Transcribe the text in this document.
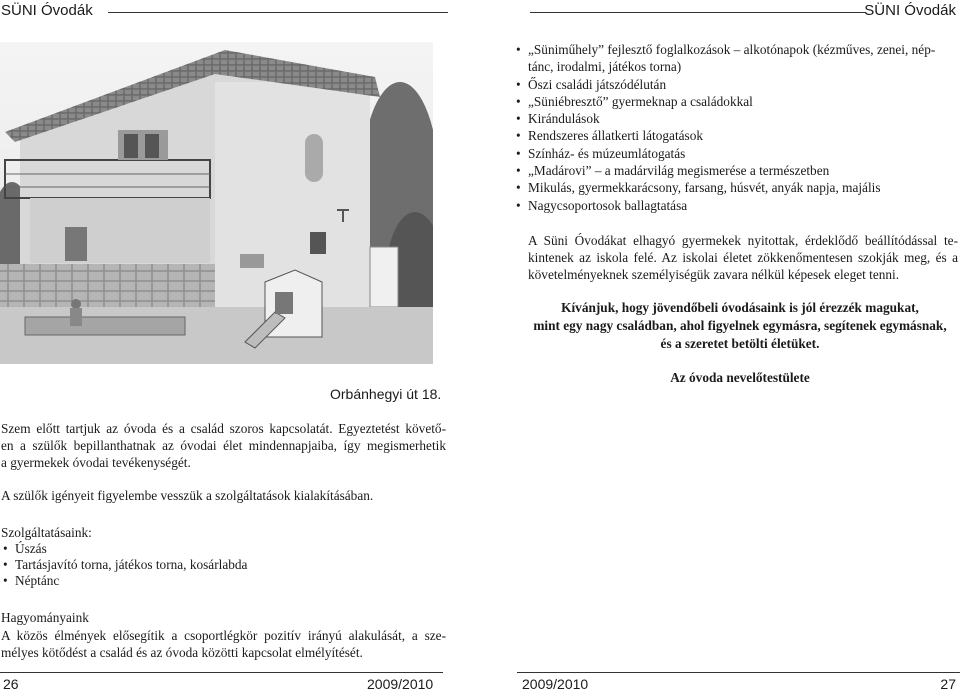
SÜNI Óvodák	SÜNI Óvodák
Orbánhegyi út 18.
Szem előtt tartjuk az óvoda és a család szoros kapcsolatát. Egyeztetést követő-
en a szülők bepillanthatnak az óvodai élet mindennapjaiba, így megismerhetik
a gyermekek óvodai tevékenységét.
A szülők igényeit figyelembe vesszük a szolgáltatások kialakításában.
Szolgáltatásaink:
• Úszás
• Tartásjavító torna, játékos torna, kosárlabda
• Néptánc
Hagyományaink
A közös élmények elősegítik a csoportlégkör pozitív irányú alakulását, a sze-
mélyes kötődést a család és az óvoda közötti kapcsolat elmélyítését.
• „Süniműhely” fejlesztő foglalkozások – alkotónapok (kézműves, zenei, nép-
tánc, irodalmi, játékos torna)
• Őszi családi játszódélután
• „Süniébresztő” gyermeknap a családokkal
• Kirándulások
• Rendszeres állatkerti látogatások
• Színház- és múzeumlátogatás
• „Madárovi” – a madárvilág megismerése a természetben
• Mikulás, gyermekkarácsony, farsang, húsvét, anyák napja, majális
• Nagycsoportosok ballagtatása
A Süni Óvodákat elhagyó gyermekek nyitottak, érdeklődő beállítódással te-
kintenek az iskola felé. Az iskolai életet zökkenőmentesen szokják meg, és a
követelményeknek személyiségük zavara nélkül képesek eleget tenni.
Kívánjuk, hogy jövendőbeli óvodásaink is jól érezzék magukat,
mint egy nagy családban, ahol figyelnek egymásra, segítenek egymásnak,
és a szeretet betölti életüket.
Az óvoda nevelőtestülete
26	2009/2010	2009/2010	27
